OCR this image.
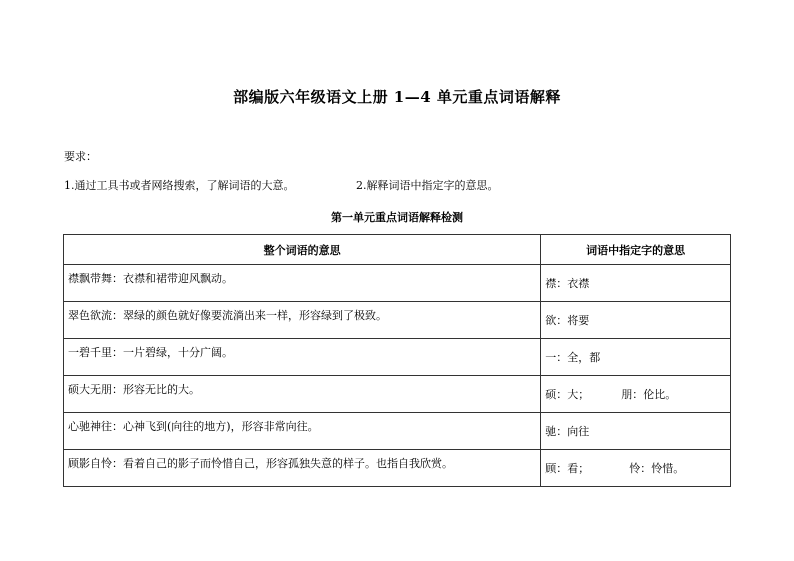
部编版六年级语文上册 1—4 单元重点词语解释
要求：
1.通过工具书或者网络搜索，了解词语的大意。	2.解释词语中指定字的意思。
第一单元重点词语解释检测
整个词语的意思	词语中指定字的意思
襟飘带舞：衣襟和裙带迎风飘动。	襟：衣襟
翠色欲流：翠绿的颜色就好像要流淌出来一样，形容绿到了极致。	欲：将要
一碧千里：一片碧绿，十分广阔。	一：全，都
硕大无朋：形容无比的大。	硕：大； 朋：伦比。
心驰神往：心神飞到(向往的地方)，形容非常向往。	驰：向往
顾影自怜：看着自己的影子而怜惜自己，形容孤独失意的样子。也指自我欣赏。	顾：看； 怜：怜惜。
